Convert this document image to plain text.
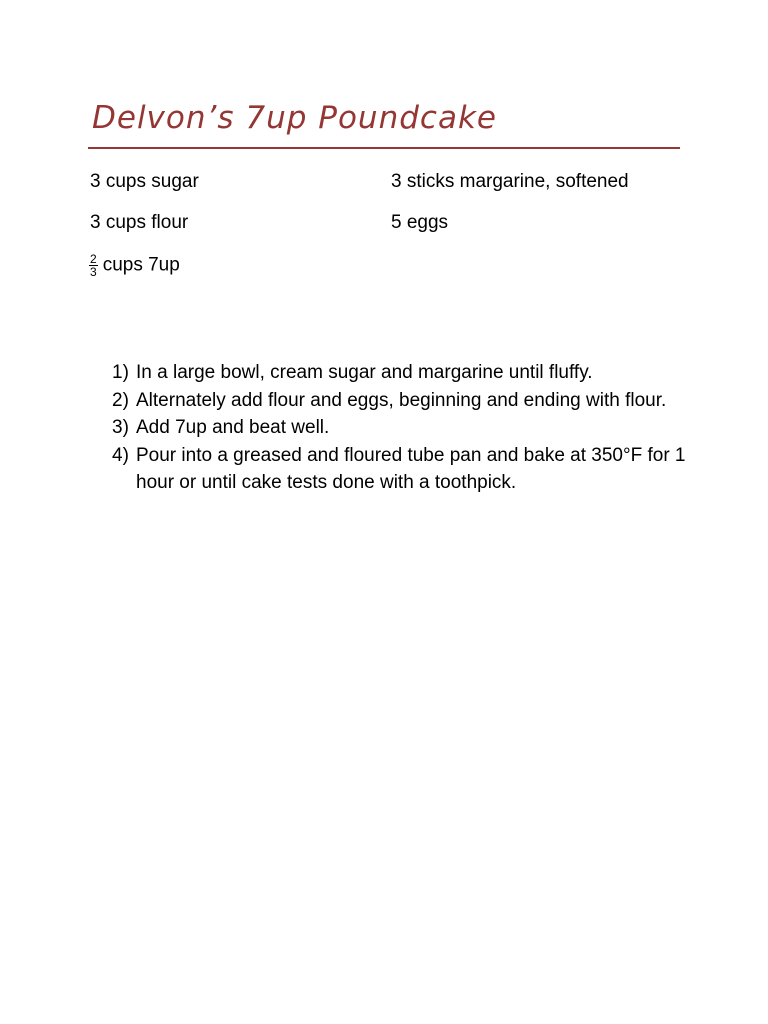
Delvon’s 7up Poundcake
3 cups sugar
3 cups flour
$\frac{2}{3}$ cups 7up
3 sticks margarine, softened
5 eggs
1) In a large bowl, cream sugar and margarine until fluffy.
2) Alternately add flour and eggs, beginning and ending with flour.
3) Add 7up and beat well.
4) Pour into a greased and floured tube pan and bake at 350°F for 1 hour or until cake tests done with a toothpick.
